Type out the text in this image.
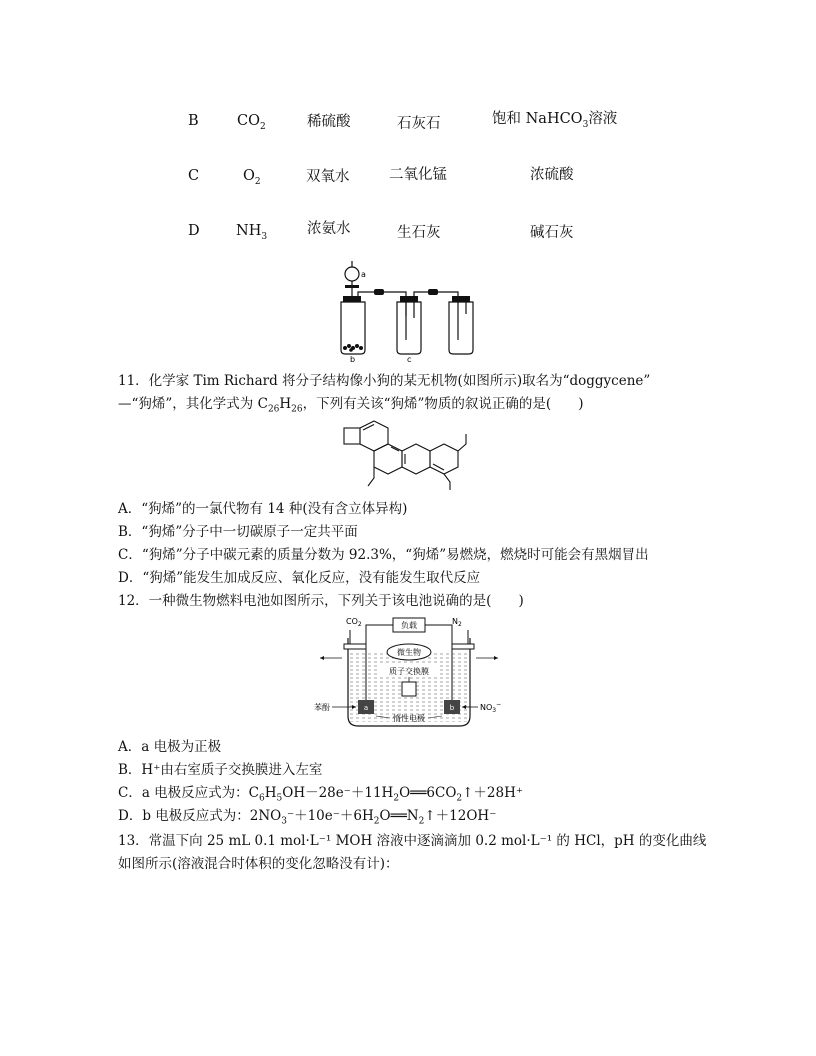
B	$CO_2$	稀硫酸	石灰石	饱和 NaHCO$_3$溶液
C	$O_2$	双氧水	二氧化锰	浓硫酸
D	$NH_3$	浓氨水	生石灰	碱石灰
a
b	c
11．化学家 Tim Richard 将分子结构像小狗的某无机物(如图所示)取名为“doggycene”
—“狗烯”，其化学式为 $C_{26}H_{26}$，下列有关该“狗烯”物质的叙说正确的是(　　)
A．“狗烯”的一氯代物有 14 种(没有含立体异构)
B．“狗烯”分子中一切碳原子一定共平面
C．“狗烯”分子中碳元素的质量分数为 92.3%，“狗烯”易燃烧，燃烧时可能会有黑烟冒出
D．“狗烯”能发生加成反应、氧化反应，没有能发生取代反应
12．一种微生物燃料电池如图所示，下列关于该电池说确的是(　　)
$CO_2$	$N_2$
负载
微生物
质子交换膜
a	b
苯酚	$NO_3^-$
惰性电极
A．a 电极为正极
B．H⁺由右室质子交换膜进入左室
C．a 电极反应式为：$C_6H_5OH-28e^-+11H_2O══6CO_2↑+28H^+$
D．b 电极反应式为：$2NO_3^-+10e^-+6H_2O══N_2↑+12OH^-$
13．常温下向 25 mL 0.1 mol·L⁻¹ MOH 溶液中逐滴滴加 0.2 mol·L⁻¹ 的 HCl，pH 的变化曲线
如图所示(溶液混合时体积的变化忽略没有计)：
